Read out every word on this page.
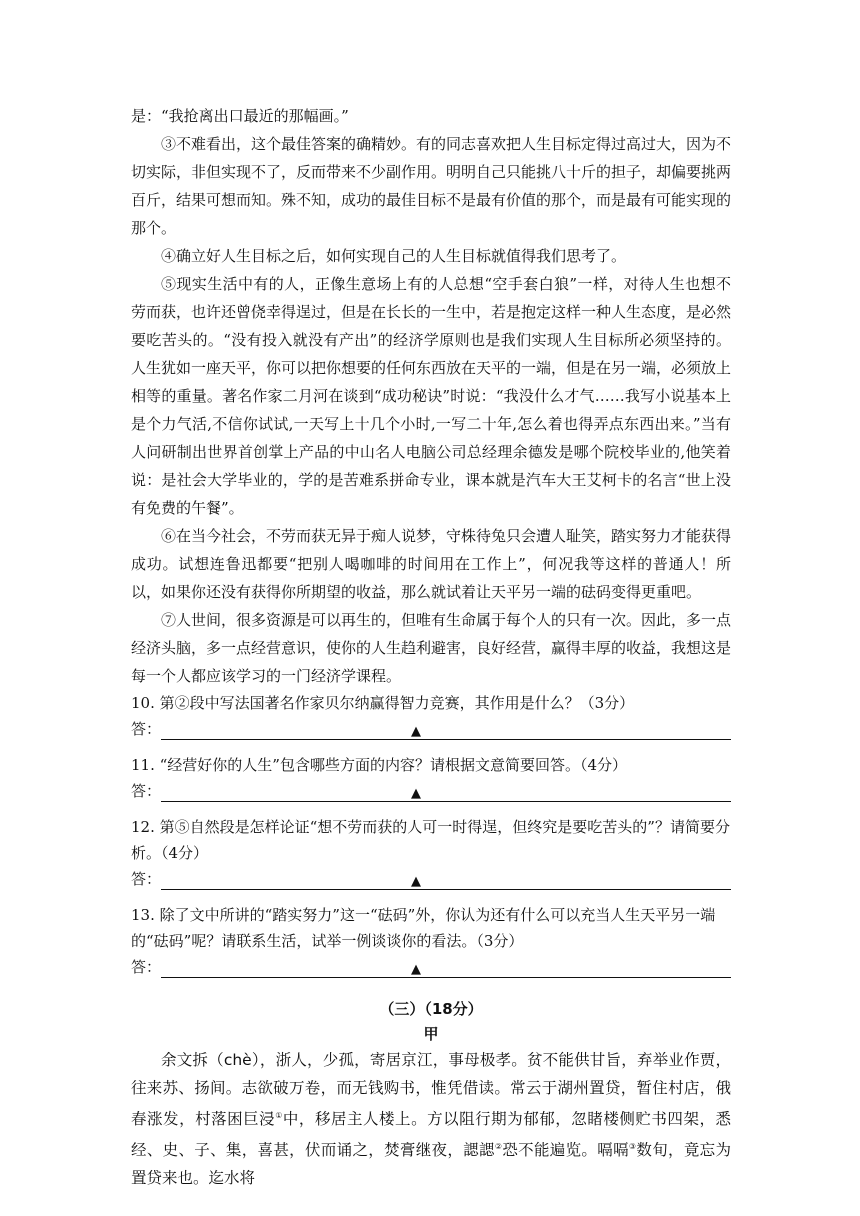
是：“我抢离出口最近的那幅画。”

③不难看出，这个最佳答案的确精妙。有的同志喜欢把人生目标定得过高过大，因为不切实际，非但实现不了，反而带来不少副作用。明明自己只能挑八十斤的担子，却偏要挑两百斤，结果可想而知。殊不知，成功的最佳目标不是最有价值的那个，而是最有可能实现的那个。

④确立好人生目标之后，如何实现自己的人生目标就值得我们思考了。

⑤现实生活中有的人，正像生意场上有的人总想“空手套白狼”一样，对待人生也想不劳而获，也许还曾侥幸得逞过，但是在长长的一生中，若是抱定这样一种人生态度，是必然要吃苦头的。“没有投入就没有产出”的经济学原则也是我们实现人生目标所必须坚持的。人生犹如一座天平，你可以把你想要的任何东西放在天平的一端，但是在另一端，必须放上相等的重量。著名作家二月河在谈到“成功秘诀”时说：“我没什么才气……我写小说基本上是个力气活,不信你试试,一天写上十几个小时,一写二十年,怎么着也得弄点东西出来。”当有人问研制出世界首创掌上产品的中山名人电脑公司总经理余德发是哪个院校毕业的,他笑着说：是社会大学毕业的，学的是苦难系拼命专业，课本就是汽车大王艾柯卡的名言“世上没有免费的午餐”。

⑥在当今社会，不劳而获无异于痴人说梦，守株待兔只会遭人耻笑，踏实努力才能获得成功。试想连鲁迅都要“把别人喝咖啡的时间用在工作上”，何况我等这样的普通人！所以，如果你还没有获得你所期望的收益，那么就试着让天平另一端的砝码变得更重吧。

⑦人世间，很多资源是可以再生的，但唯有生命属于每个人的只有一次。因此，多一点经济头脑，多一点经营意识，使你的人生趋利避害，良好经营，赢得丰厚的收益，我想这是每一个人都应该学习的一门经济学课程。

10. 第②段中写法国著名作家贝尔纳赢得智力竞赛，其作用是什么？（3分）

答：	▲

11. “经营好你的人生”包含哪些方面的内容？请根据文意简要回答。（4分）

答：	▲

12. 第⑤自然段是怎样论证“想不劳而获的人可一时得逞，但终究是要吃苦头的”？请简要分析。（4分）

答：	▲

13. 除了文中所讲的“踏实努力”这一“砝码”外，你认为还有什么可以充当人生天平另一端的“砝码”呢？请联系生活，试举一例谈谈你的看法。（3分）

答：	▲
（三）（18分）
甲

余文拆（chè），浙人，少孤，寄居京江，事母极孝。贫不能供甘旨，弃举业作贾，往来苏、扬间。志欲破万卷，而无钱购书，惟凭借读。常云于湖州置贷，暂住村店，俄春涨发，村落困巨浸①中，移居主人楼上。方以阻行期为郁郁，忽睹楼侧贮书四架，悉经、史、子、集，喜甚，伏而诵之，焚膏继夜，諰諰②恐不能遍览。嗝嗝③数旬，竟忘为置贷来也。迄水将
